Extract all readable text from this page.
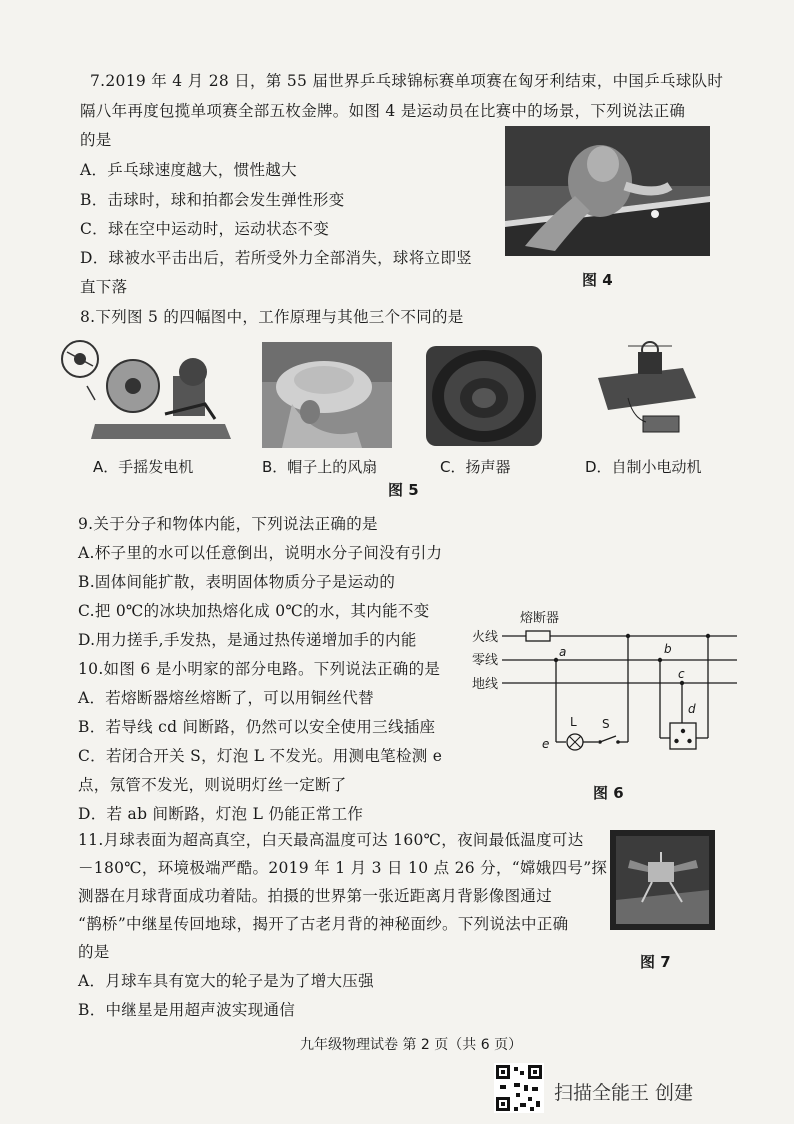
7.2019 年 4 月 28 日，第 55 届世界乒乓球锦标赛单项赛在匈牙利结束，中国乒乓球队时
隔八年再度包揽单项赛全部五枚金牌。如图 4 是运动员在比赛中的场景，下列说法正确
的是
A．乒乓球速度越大，惯性越大
B．击球时，球和拍都会发生弹性形变
C．球在空中运动时，运动状态不变
D．球被水平击出后，若所受外力全部消失，球将立即竖
直下落	图 4
8.下列图 5 的四幅图中，工作原理与其他三个不同的是
A．手摇发电机	B．帽子上的风扇	C．扬声器	D．自制小电动机
图 5
9.关于分子和物体内能，下列说法正确的是
A.杯子里的水可以任意倒出，说明水分子间没有引力
B.固体间能扩散，表明固体物质分子是运动的
C.把 0℃的冰块加热熔化成 0℃的水，其内能不变
D.用力搓手,手发热，是通过热传递增加手的内能
10.如图 6 是小明家的部分电路。下列说法正确的是
A．若熔断器熔丝熔断了，可以用铜丝代替
B．若导线 cd 间断路，仍然可以安全使用三线插座
C．若闭合开关 S，灯泡 L 不发光。用测电笔检测 e
点，氖管不发光，则说明灯丝一定断了
D．若 ab 间断路，灯泡 L 仍能正常工作
熔断器
火线
零线
地线
a
e
L S
b
c
d
图 6
11.月球表面为超高真空，白天最高温度可达 160℃，夜间最低温度可达
－180℃，环境极端严酷。2019 年 1 月 3 日 10 点 26 分，“嫦娥四号”探
测器在月球背面成功着陆。拍摄的世界第一张近距离月背影像图通过
“鹊桥”中继星传回地球，揭开了古老月背的神秘面纱。下列说法中正确
的是
A．月球车具有宽大的轮子是为了增大压强
B．中继星是用超声波实现通信
图 7
九年级物理试卷 第 2 页（共 6 页）
扫描全能王 创建
